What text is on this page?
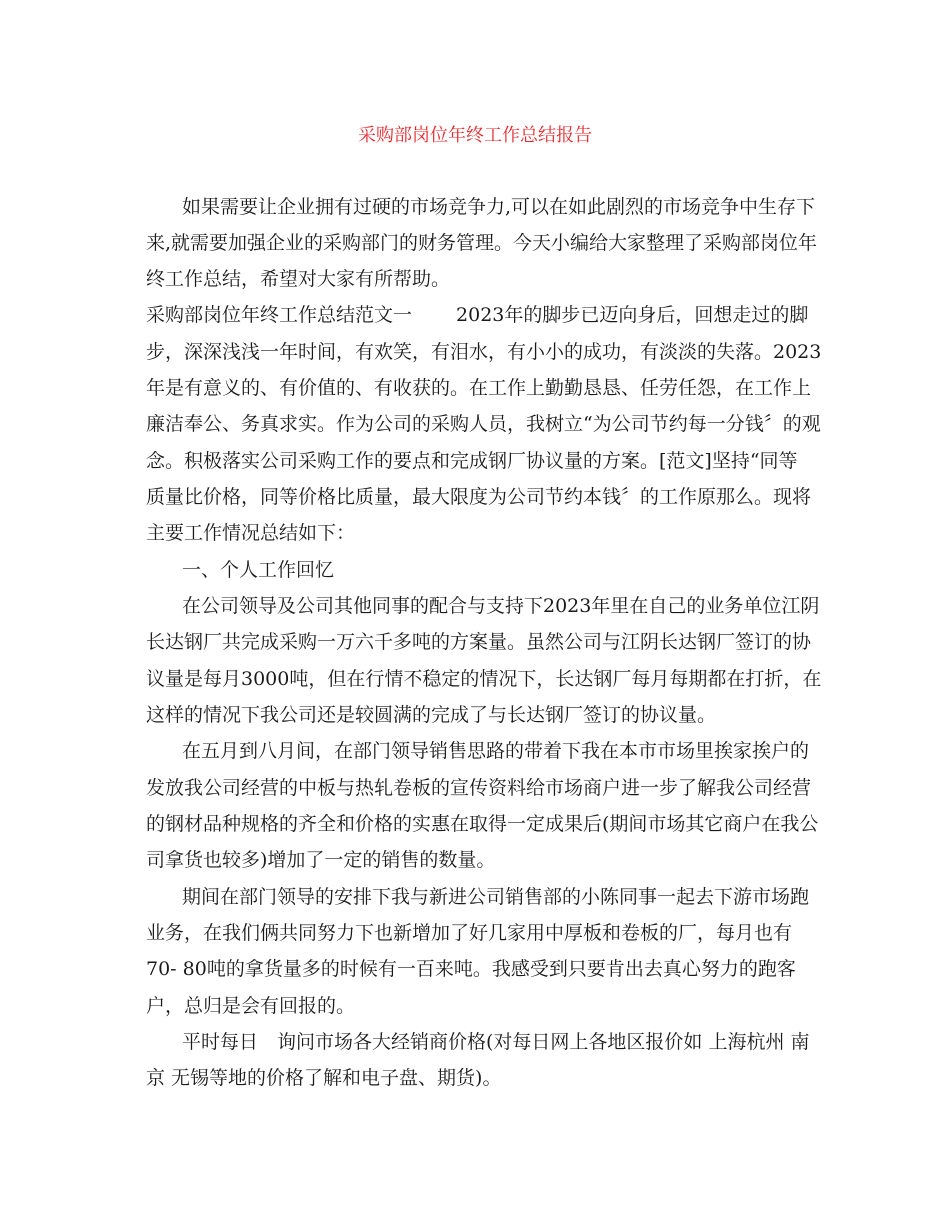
采购部岗位年终工作总结报告
如果需要让企业拥有过硬的市场竞争力,可以在如此剧烈的市场竞争中生存下
来,就需要加强企业的采购部门的财务管理。今天小编给大家整理了采购部岗位年
终工作总结，希望对大家有所帮助。
采购部岗位年终工作总结范文一　　 2023年的脚步已迈向身后，回想走过的脚
步，深深浅浅一年时间，有欢笑，有泪水，有小小的成功，有淡淡的失落。2023
年是有意义的、有价值的、有收获的。在工作上勤勤恳恳、任劳任怨，在工作上
廉洁奉公、务真求实。作为公司的采购人员，我树立“为公司节约每一分钱〞的观
念。积极落实公司采购工作的要点和完成钢厂协议量的方案。[范文]坚持“同等
质量比价格，同等价格比质量，最大限度为公司节约本钱〞的工作原那么。现将
主要工作情况总结如下：
一、个人工作回忆
在公司领导及公司其他同事的配合与支持下2023年里在自己的业务单位江阴
长达钢厂共完成采购一万六千多吨的方案量。虽然公司与江阴长达钢厂签订的协
议量是每月3000吨，但在行情不稳定的情况下，长达钢厂每月每期都在打折，在
这样的情况下我公司还是较圆满的完成了与长达钢厂签订的协议量。
在五月到八月间，在部门领导销售思路的带着下我在本市市场里挨家挨户的
发放我公司经营的中板与热轧卷板的宣传资料给市场商户进一步了解我公司经营
的钢材品种规格的齐全和价格的实惠在取得一定成果后(期间市场其它商户在我公
司拿货也较多)增加了一定的销售的数量。
期间在部门领导的安排下我与新进公司销售部的小陈同事一起去下游市场跑
业务，在我们俩共同努力下也新增加了好几家用中厚板和卷板的厂，每月也有
70- 80吨的拿货量多的时候有一百来吨。我感受到只要肯出去真心努力的跑客
户，总归是会有回报的。
平时每日　询问市场各大经销商价格(对每日网上各地区报价如 上海杭州 南
京 无锡等地的价格了解和电子盘、期货)。
